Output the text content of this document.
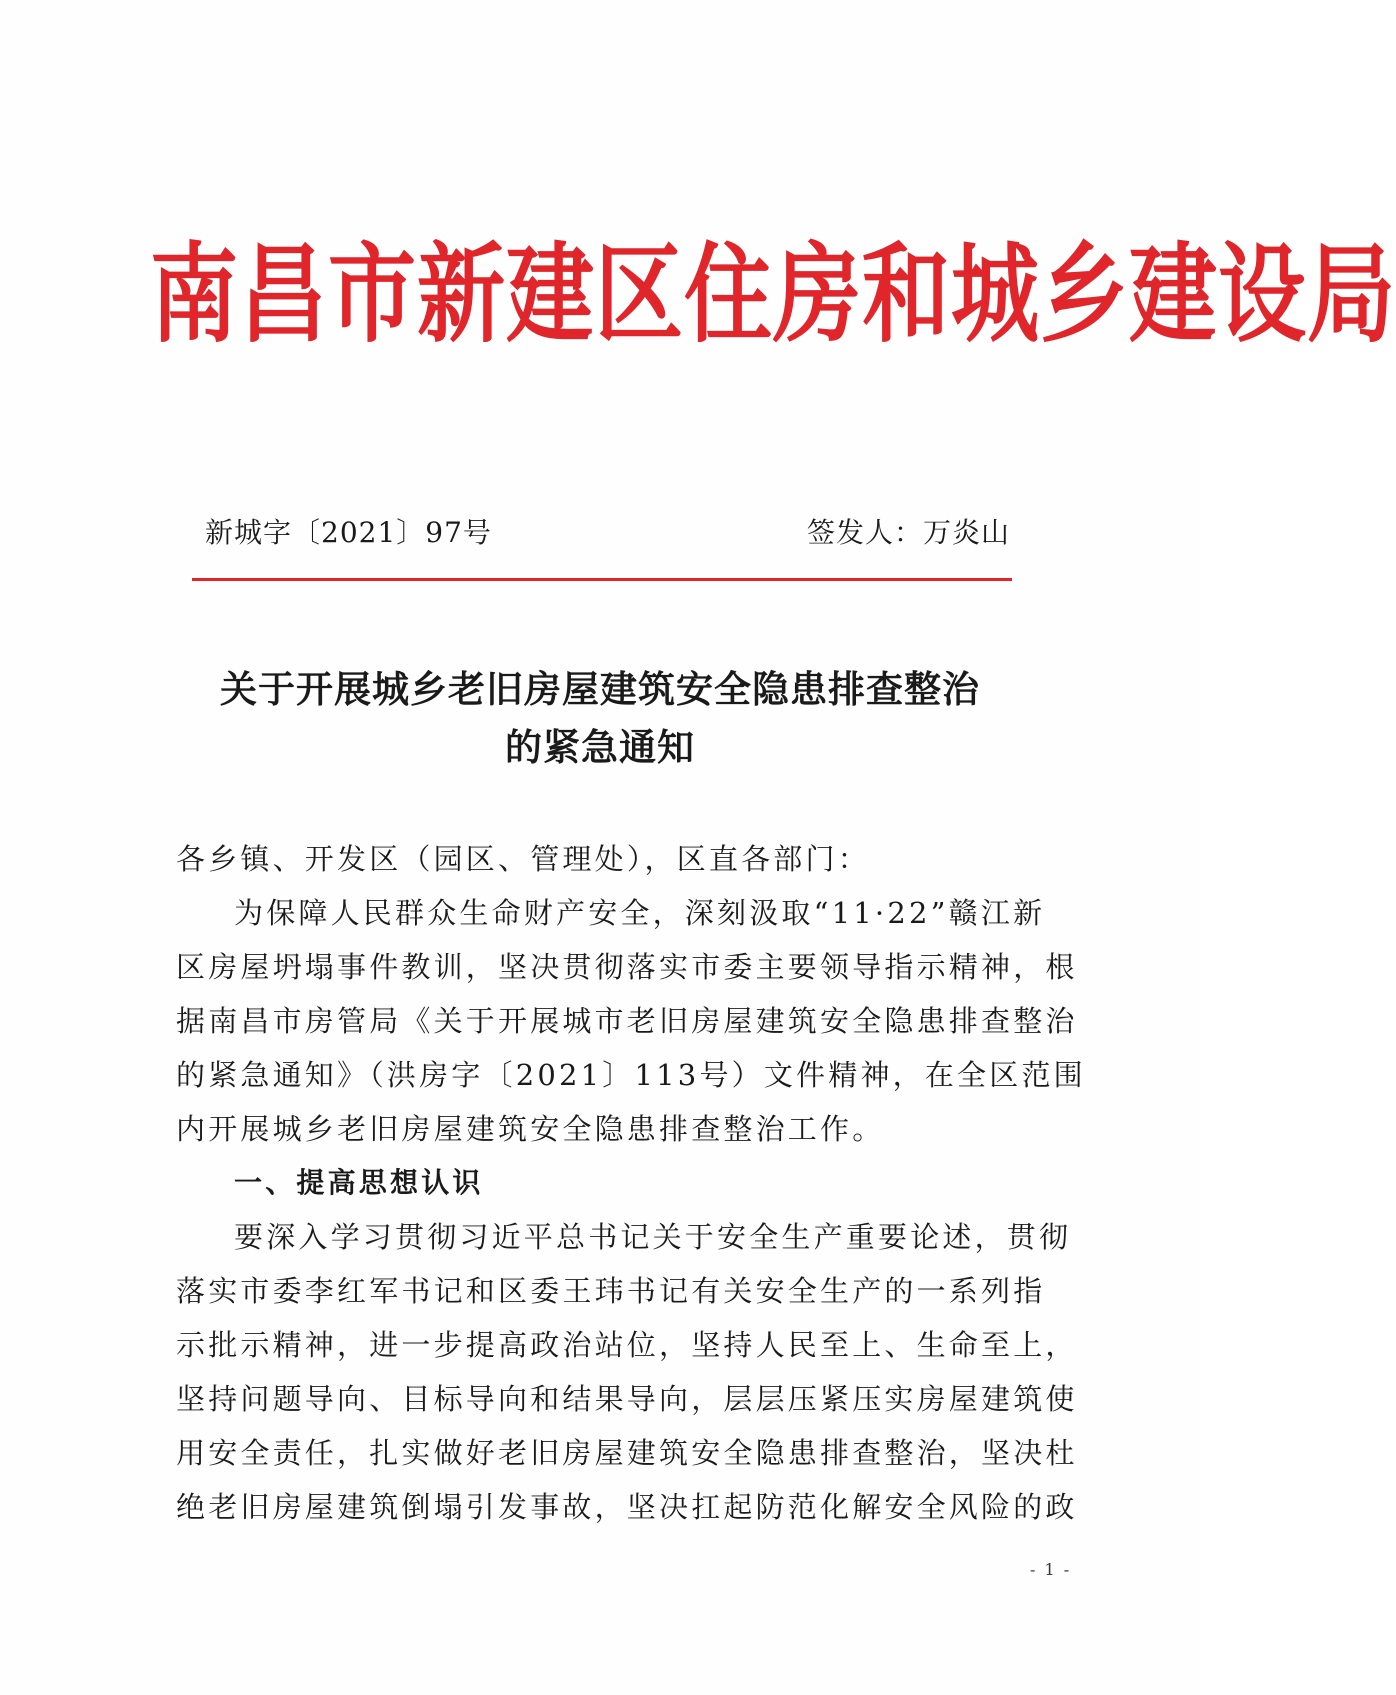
南昌市新建区住房和城乡建设局
新城字〔2021〕97号	签发人：万炎山
关于开展城乡老旧房屋建筑安全隐患排查整治
的紧急通知

各乡镇、开发区（园区、管理处），区直各部门：

为保障人民群众生命财产安全，深刻汲取“11·22”赣江新
区房屋坍塌事件教训，坚决贯彻落实市委主要领导指示精神，根
据南昌市房管局《关于开展城市老旧房屋建筑安全隐患排查整治
的紧急通知》（洪房字〔2021〕113号）文件精神，在全区范围
内开展城乡老旧房屋建筑安全隐患排查整治工作。

一、提高思想认识

要深入学习贯彻习近平总书记关于安全生产重要论述，贯彻
落实市委李红军书记和区委王玮书记有关安全生产的一系列指
示批示精神，进一步提高政治站位，坚持人民至上、生命至上，
坚持问题导向、目标导向和结果导向，层层压紧压实房屋建筑使
用安全责任，扎实做好老旧房屋建筑安全隐患排查整治，坚决杜
绝老旧房屋建筑倒塌引发事故，坚决扛起防范化解安全风险的政

- 1 -
